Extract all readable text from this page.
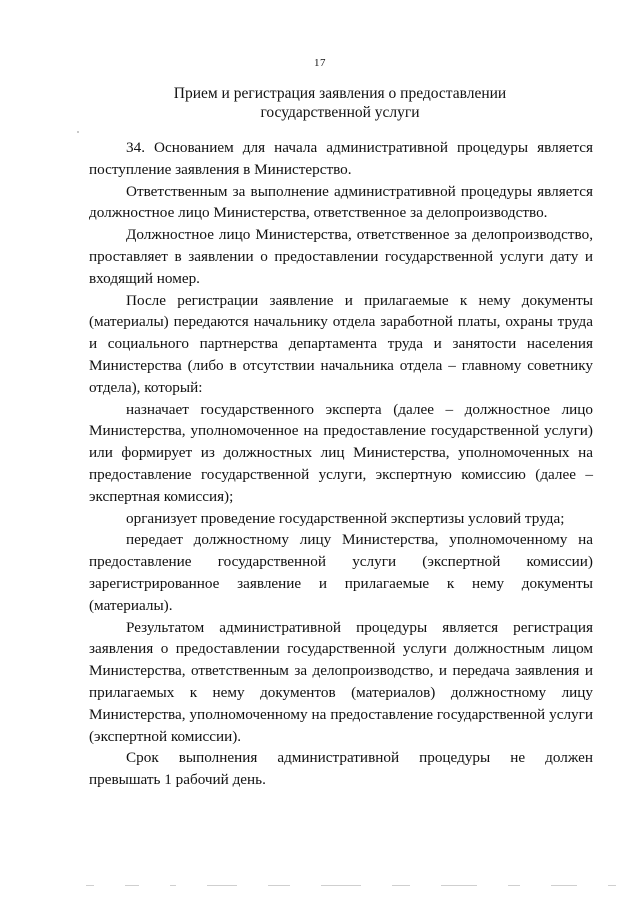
17
Прием и регистрация заявления о предоставлении
государственной услуги

34. Основанием для начала административной процедуры является
поступление заявления в Министерство.

Ответственным за выполнение административной процедуры является
должностное лицо Министерства, ответственное за делопроизводство.

Должностное лицо Министерства, ответственное за делопроизводство,
проставляет в заявлении о предоставлении государственной услуги дату и
входящий номер.

После регистрации заявление и прилагаемые к нему документы
(материалы) передаются начальнику отдела заработной платы, охраны труда
и социального партнерства департамента труда и занятости населения
Министерства (либо в отсутствии начальника отдела – главному советнику
отдела), который:

назначает государственного эксперта (далее – должностное лицо
Министерства, уполномоченное на предоставление государственной услуги)
или формирует из должностных лиц Министерства, уполномоченных на
предоставление государственной услуги, экспертную комиссию (далее –
экспертная комиссия);

организует проведение государственной экспертизы условий труда;

передает должностному лицу Министерства, уполномоченному на
предоставление государственной услуги (экспертной комиссии)
зарегистрированное заявление и прилагаемые к нему документы
(материалы).

Результатом административной процедуры является регистрация
заявления о предоставлении государственной услуги должностным лицом
Министерства, ответственным за делопроизводство, и передача заявления и
прилагаемых к нему документов (материалов) должностному лицу
Министерства, уполномоченному на предоставление государственной услуги
(экспертной комиссии).

Срок выполнения административной процедуры не должен
превышать 1 рабочий день.
